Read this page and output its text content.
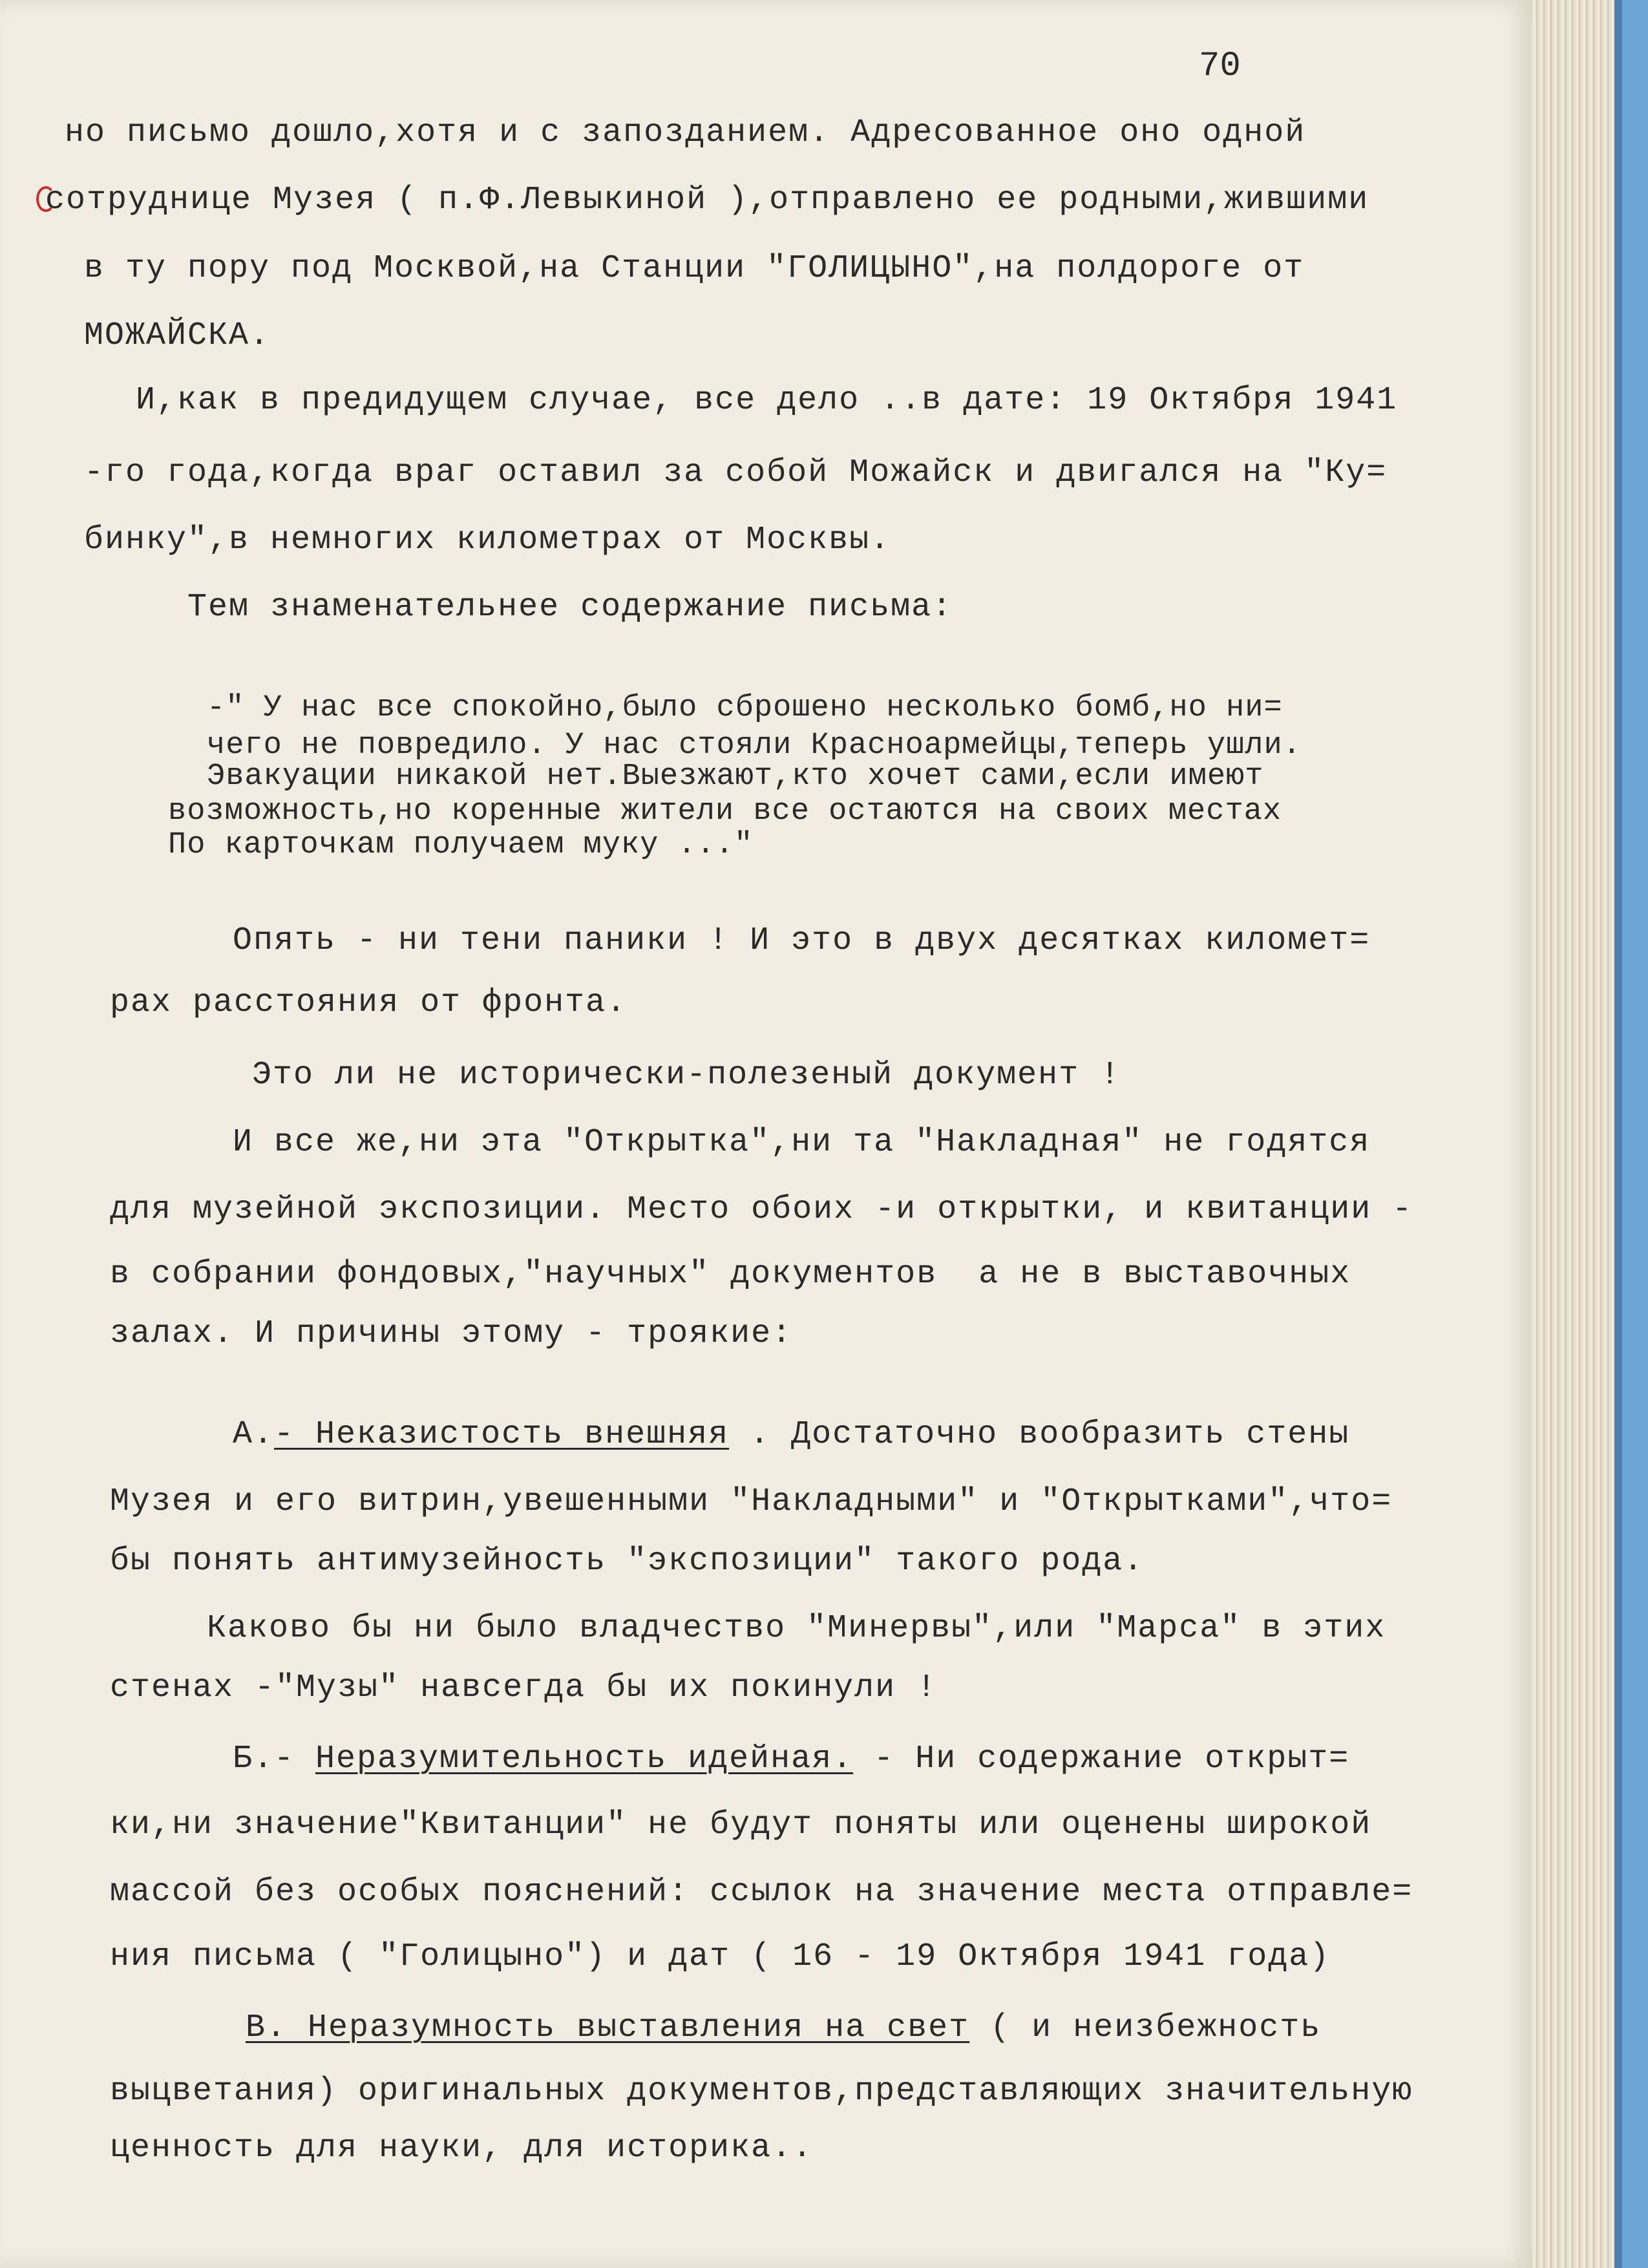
70

но письмо дошло,хотя и с запозданием. Адресованное оно одной

сотруднице Музея ( п.Ф.Левыкиной ),отправлено ее родными,жившими

в ту пору под Москвой,на Станции "ГОЛИЦЫНО",на полдороге от

МОЖАЙСКА.

И,как в предидущем случае, все дело ..в дате: 19 Октября 1941

-го года,когда враг оставил за собой Можайск и двигался на "Ку=

бинку",в немногих километрах от Москвы.

Тем знаменательнее содержание письма:

-" У нас все спокойно,было сброшено несколько бомб,но ни=

чего не повредило. У нас стояли Красноармейцы,теперь ушли.

Эвакуации никакой нет.Выезжают,кто хочет сами,если имеют

возможность,но коренные жители все остаются на своих местах

По карточкам получаем муку ..."

Опять - ни тени паники ! И это в двух десятках километ=

рах расстояния от фронта.

Это ли не исторически-полезеный документ !

И все же,ни эта "Открытка",ни та "Накладная" не годятся

для музейной экспозиции. Место обоих -и открытки, и квитанции -

в собрании фондовых,"научных" документов  а не в выставочных

залах. И причины этому - троякие:

А.- Неказистость внешняя . Достаточно вообразить стены

Музея и его витрин,увешенными "Накладными" и "Открытками",что=

бы понять антимузейность "экспозиции" такого рода.

Каково бы ни было владчество "Минервы",или "Марса" в этих

стенах -"Музы" навсегда бы их покинули !

Б.- Неразумительность идейная. - Ни содержание открыт=

ки,ни значение"Квитанции" не будут поняты или оценены широкой

массой без особых пояснений: ссылок на значение места отправле=

ния письма ( "Голицыно") и дат ( 16 - 19 Октября 1941 года)

В. Неразумность выставления на свет ( и неизбежность

выцветания) оригинальных документов,представляющих значительную

ценность для науки, для историка..
